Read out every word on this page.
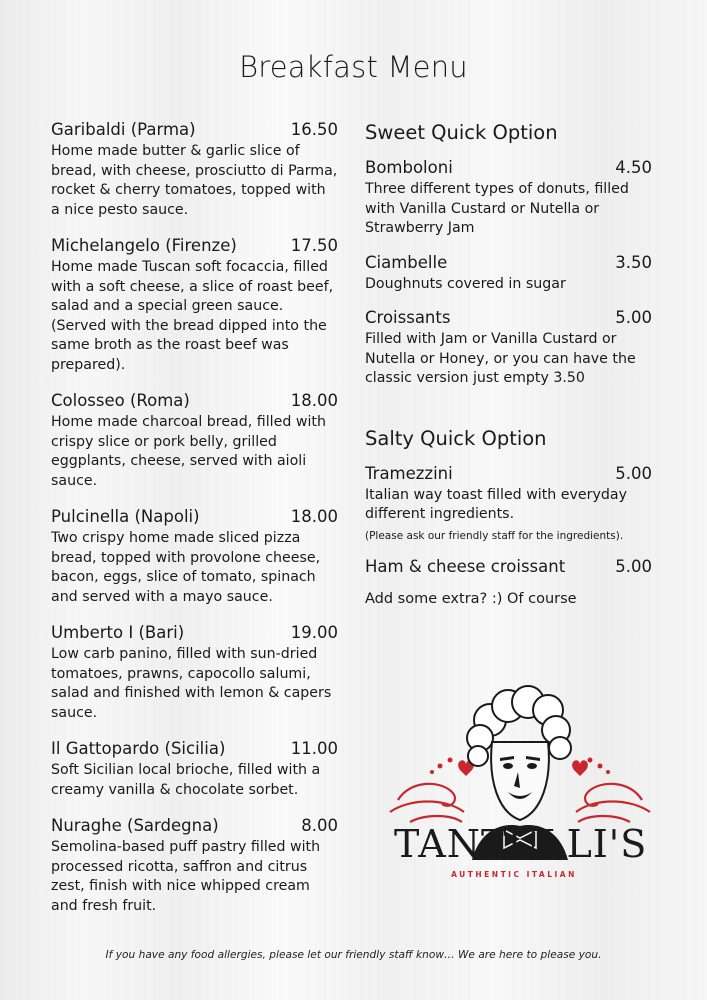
Breakfast Menu
Garibaldi (Parma)	16.50
Home made butter & garlic slice of bread, with cheese, prosciutto di Parma, rocket & cherry tomatoes, topped with a nice pesto sauce.
Michelangelo (Firenze)	17.50
Home made Tuscan soft focaccia, filled with a soft cheese, a slice of roast beef, salad and a special green sauce. (Served with the bread dipped into the same broth as the roast beef was prepared).
Colosseo (Roma)	18.00
Home made charcoal bread, filled with crispy slice or pork belly, grilled eggplants, cheese, served with aioli sauce.
Pulcinella (Napoli)	18.00
Two crispy home made sliced pizza bread, topped with provolone cheese, bacon, eggs, slice of tomato, spinach and served with a mayo sauce.
Umberto I (Bari)	19.00
Low carb panino, filled with sun-dried tomatoes, prawns, capocollo salumi, salad and finished with lemon & capers sauce.
Il Gattopardo (Sicilia)	11.00
Soft Sicilian local brioche, filled with a creamy vanilla & chocolate sorbet.
Nuraghe (Sardegna)	8.00
Semolina-based puff pastry filled with processed ricotta, saffron and citrus zest, finish with nice whipped cream and fresh fruit.
Sweet Quick Option
Bomboloni	4.50
Three different types of donuts, filled with Vanilla Custard or Nutella or Strawberry Jam
Ciambelle	3.50
Doughnuts covered in sugar
Croissants	5.00
Filled with Jam or Vanilla Custard or Nutella or Honey, or you can have the classic version just empty 3.50
Salty Quick Option
Tramezzini	5.00
Italian way toast filled with everyday different ingredients.
(Please ask our friendly staff for the ingredients).
Ham & cheese croissant	5.00
Add some extra? :) Of course
TANTULLI'S
AUTHENTIC ITALIAN
If you have any food allergies, please let our friendly staff know… We are here to please you.
